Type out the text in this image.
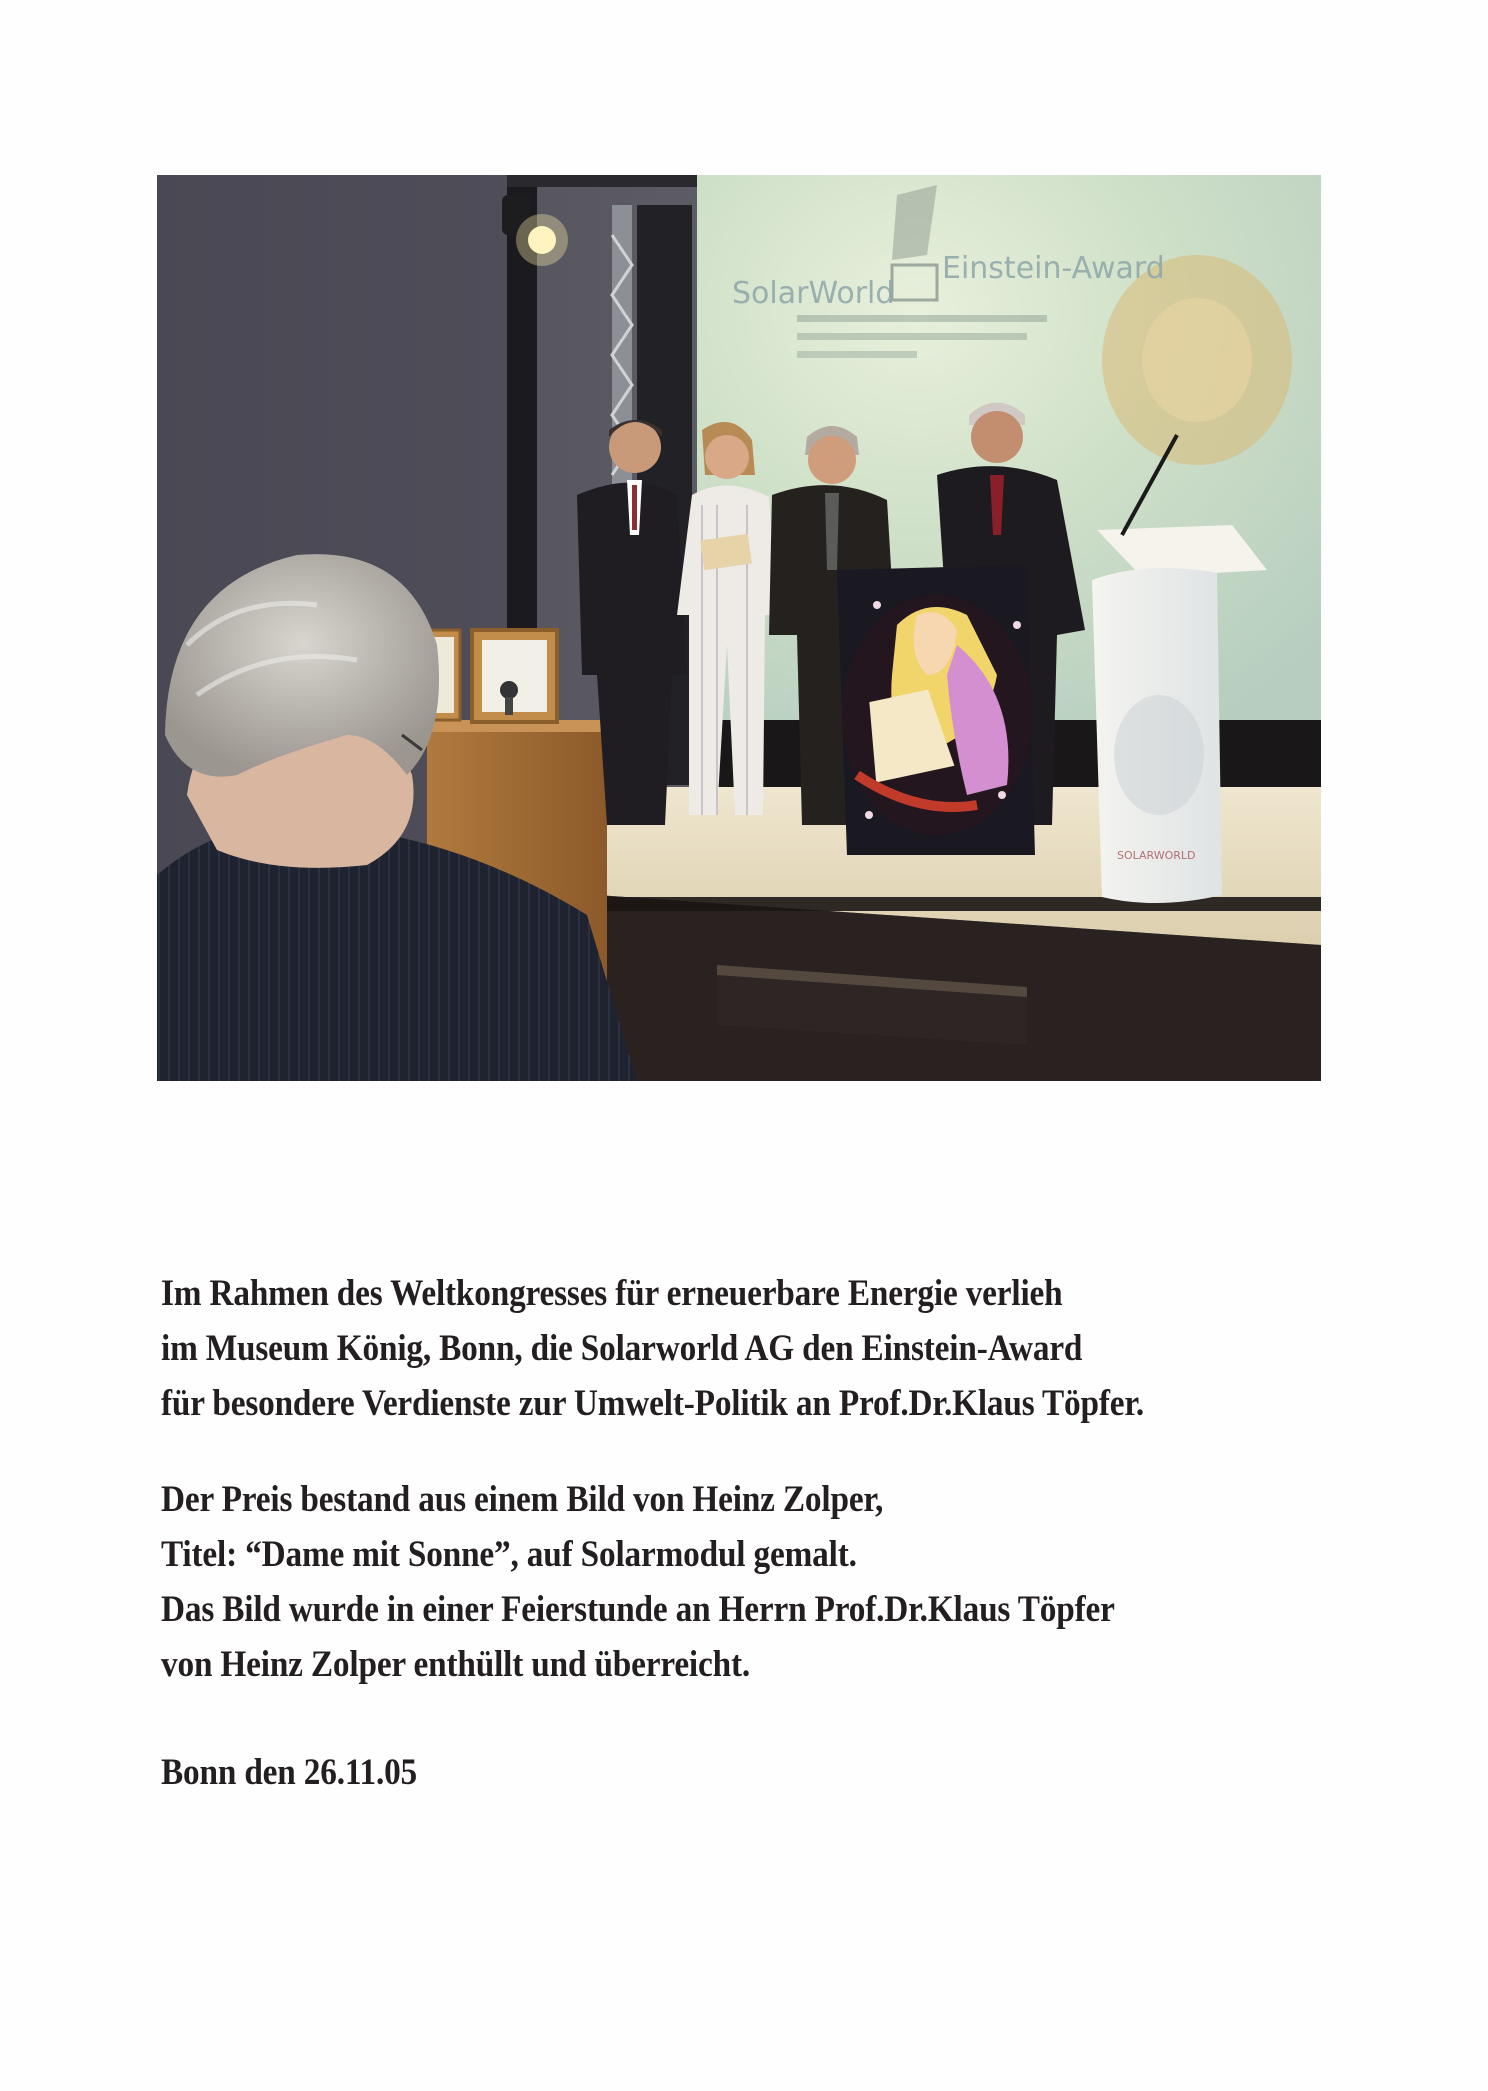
SolarWorld
Einstein-Award
SOLARWORLD
Im Rahmen des Weltkongresses für erneuerbare Energie verlieh
im Museum König, Bonn, die Solarworld AG den Einstein-Award
für besondere Verdienste zur Umwelt-Politik an Prof.Dr.Klaus Töpfer.
Der Preis bestand aus einem Bild von Heinz Zolper,
Titel: “Dame mit Sonne”, auf Solarmodul gemalt.
Das Bild wurde in einer Feierstunde an Herrn Prof.Dr.Klaus Töpfer
von Heinz Zolper enthüllt und überreicht.
Bonn den 26.11.05
